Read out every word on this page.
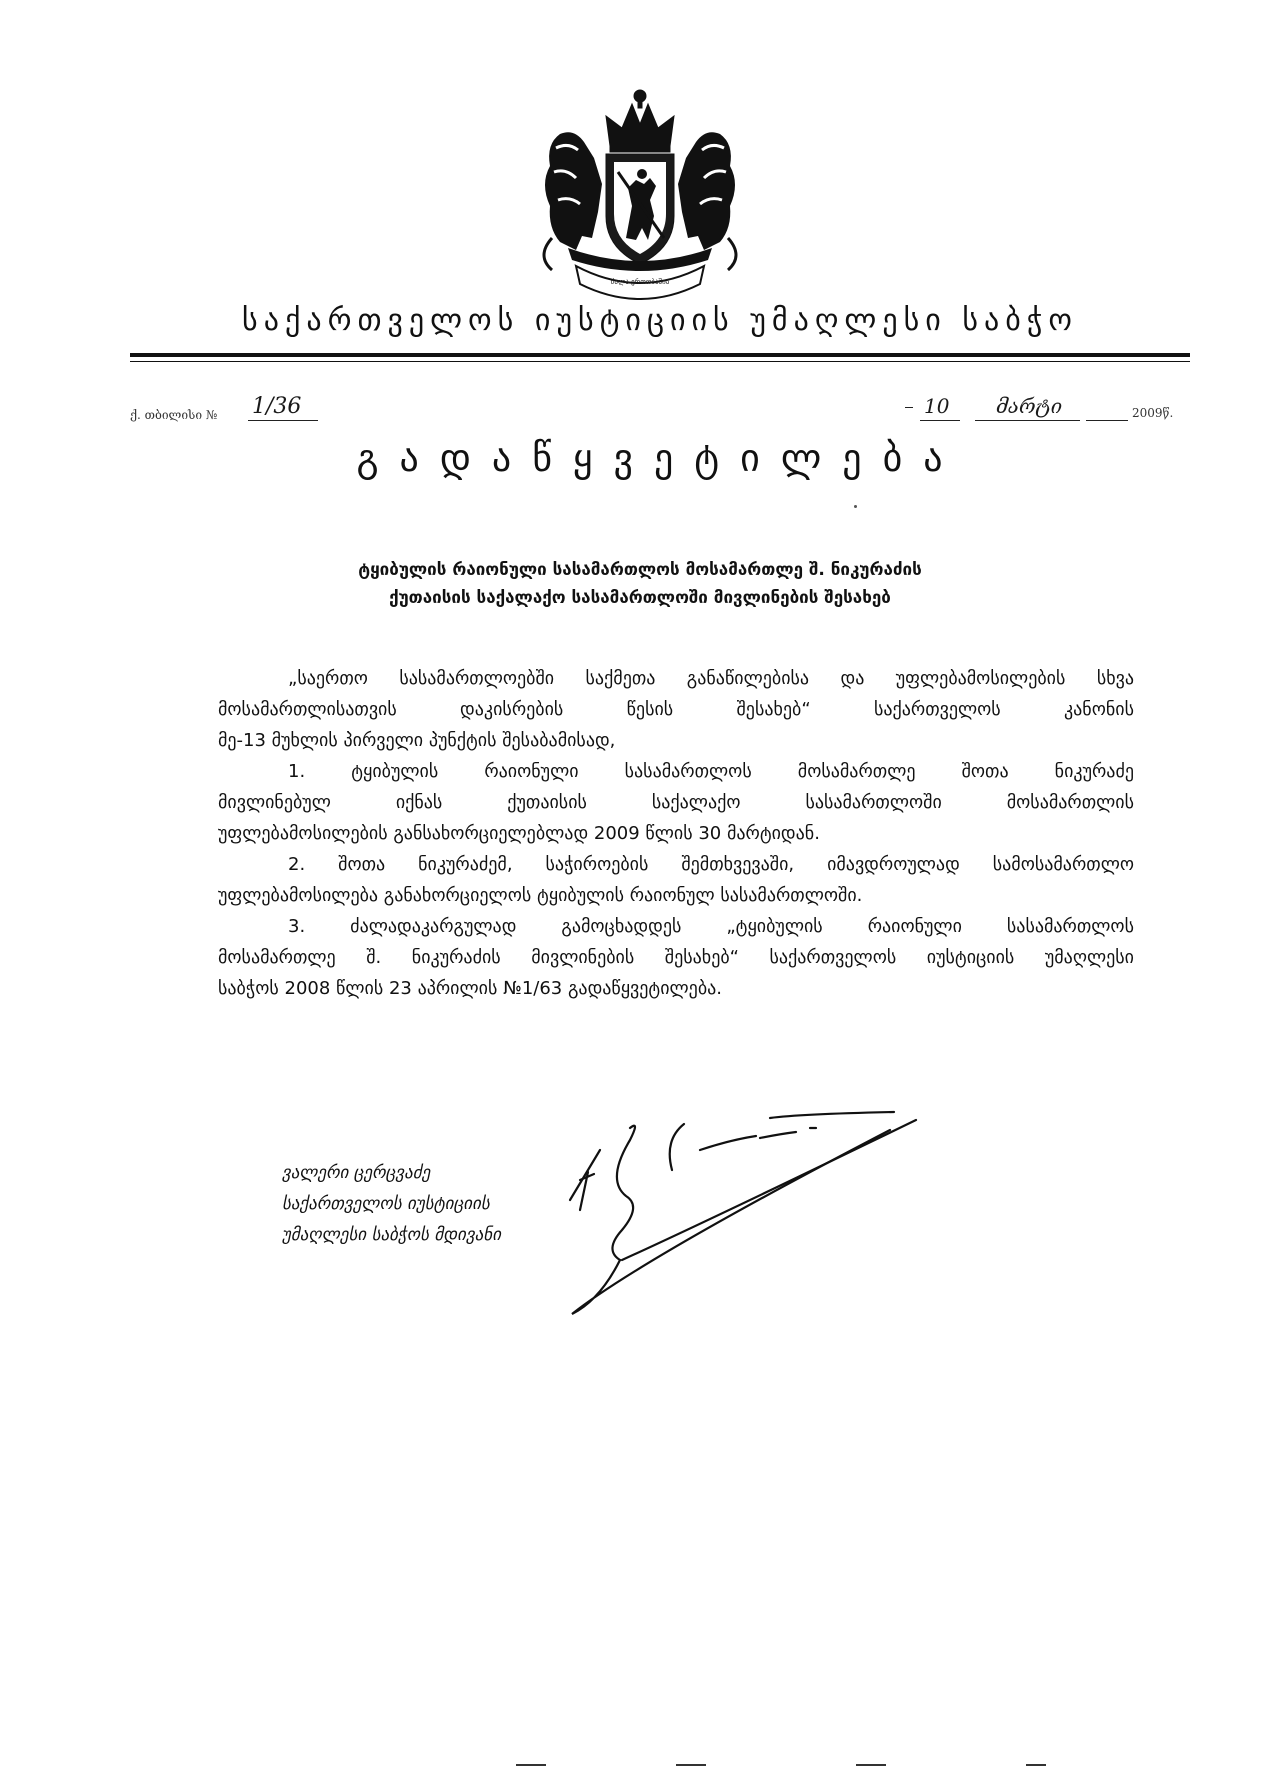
ძალა ერთობაშია
საქართველოს იუსტიციის უმაღლესი საბჭო
ქ. თბილისი № 1/36	10 მარტი	2009წ.
გადაწყვეტილება
ტყიბულის რაიონული სასამართლოს მოსამართლე შ. ნიკურაძის
ქუთაისის საქალაქო სასამართლოში მივლინების შესახებ
„საერთო სასამართლოებში საქმეთა განაწილებისა და უფლებამოსილების სხვა
მოსამართლისათვის დაკისრების წესის შესახებ“ საქართველოს კანონის
მე-13 მუხლის პირველი პუნქტის შესაბამისად,
1. ტყიბულის რაიონული სასამართლოს მოსამართლე შოთა ნიკურაძე
მივლინებულ იქნას ქუთაისის საქალაქო სასამართლოში მოსამართლის
უფლებამოსილების განსახორციელებლად 2009 წლის 30 მარტიდან.
2. შოთა ნიკურაძემ, საჭიროების შემთხვევაში, იმავდროულად სამოსამართლო
უფლებამოსილება განახორციელოს ტყიბულის რაიონულ სასამართლოში.
3. ძალადაკარგულად გამოცხადდეს „ტყიბულის რაიონული სასამართლოს
მოსამართლე შ. ნიკურაძის მივლინების შესახებ“ საქართველოს იუსტიციის უმაღლესი
საბჭოს 2008 წლის 23 აპრილის №1/63 გადაწყვეტილება.
ვალერი ცერცვაძე
საქართველოს იუსტიციის
უმაღლესი საბჭოს მდივანი
